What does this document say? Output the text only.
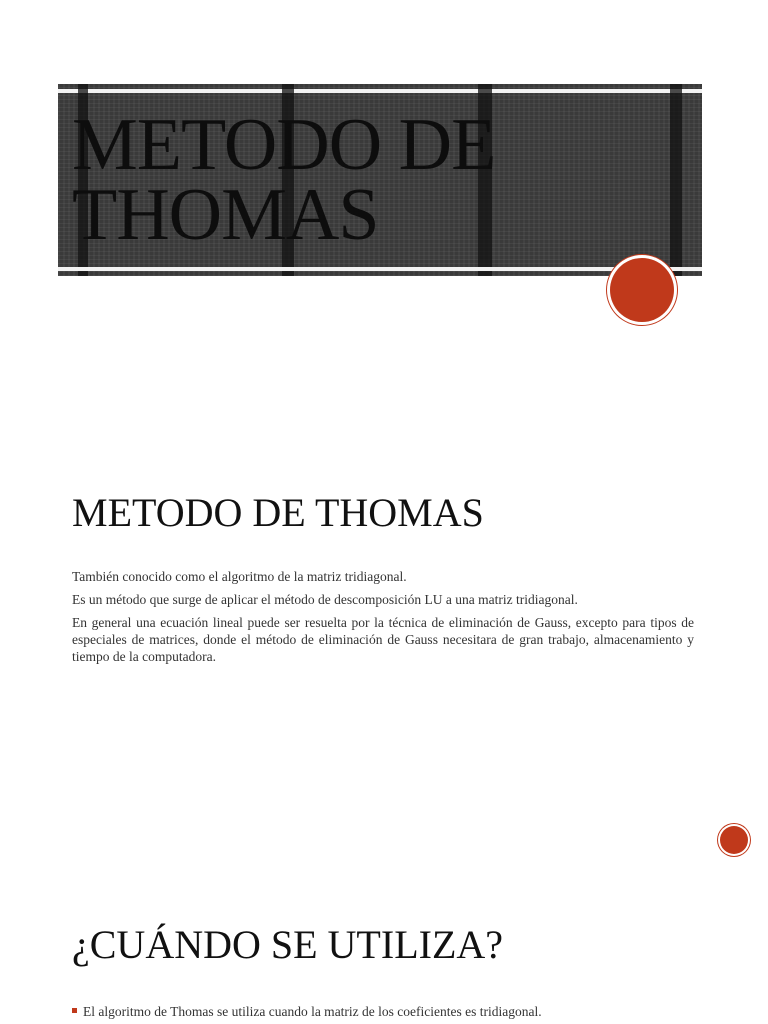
METODO DE THOMAS
METODO DE THOMAS

También conocido como el algoritmo de la matriz tridiagonal.

Es un método que surge de aplicar el método de descomposición LU a una matriz tridiagonal.

En general una ecuación lineal puede ser resuelta por la técnica de eliminación de Gauss, excepto para tipos de especiales de matrices, donde el método de eliminación de Gauss necesitara de gran trabajo, almacenamiento y tiempo de la computadora.

¿CUÁNDO SE UTILIZA?
El algoritmo de Thomas se utiliza cuando la matriz de los coeficientes es tridiagonal.
